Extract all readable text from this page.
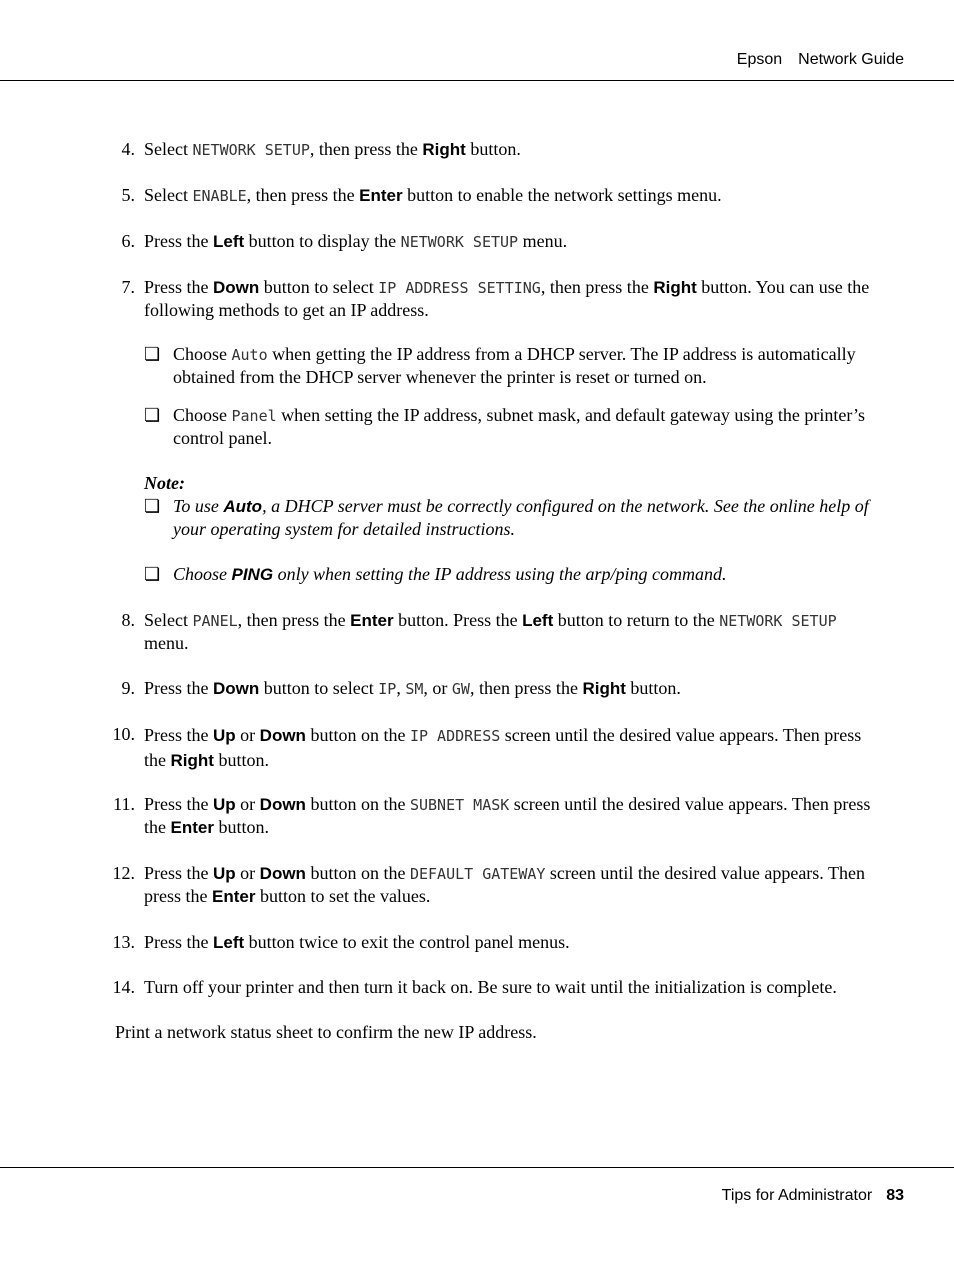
Epson Network Guide
4. Select NETWORK SETUP, then press the Right button.
5. Select ENABLE, then press the Enter button to enable the network settings menu.
6. Press the Left button to display the NETWORK SETUP menu.
7. Press the Down button to select IP ADDRESS SETTING, then press the Right button. You can use the following methods to get an IP address.
❏ Choose Auto when getting the IP address from a DHCP server. The IP address is automatically obtained from the DHCP server whenever the printer is reset or turned on.
❏ Choose Panel when setting the IP address, subnet mask, and default gateway using the printer’s control panel.
Note:
❏ To use Auto, a DHCP server must be correctly configured on the network. See the online help of your operating system for detailed instructions.
❏ Choose PING only when setting the IP address using the arp/ping command.
8. Select PANEL, then press the Enter button. Press the Left button to return to the NETWORK SETUP menu.
9. Press the Down button to select IP, SM, or GW, then press the Right button.
10. Press the Up or Down button on the IP ADDRESS screen until the desired value appears. Then press the Right button.
11. Press the Up or Down button on the SUBNET MASK screen until the desired value appears. Then press the Enter button.
12. Press the Up or Down button on the DEFAULT GATEWAY screen until the desired value appears. Then press the Enter button to set the values.
13. Press the Left button twice to exit the control panel menus.
14. Turn off your printer and then turn it back on. Be sure to wait until the initialization is complete.
Print a network status sheet to confirm the new IP address.
Tips for Administrator 83
